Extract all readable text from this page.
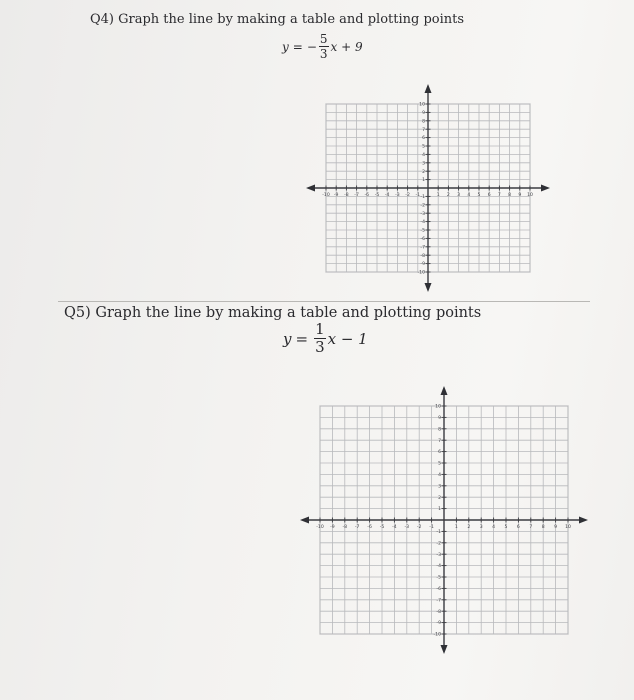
Q4) Graph the line by making a table and plotting points
y = − $\frac{5}{3}$ x + 9
Q5) Graph the line by making a table and plotting points
$y = \frac{1}{3}$ x − 1
-10
-10
-9
-9
-8
-8
-7
-7
-6
-6
-5
-5
-4
-4
-3
-3
-2
-2
-1 -1	1
1
2
2
3
3
4
4
5
5
6
6
7
7
8
8
9
9
10
10
-10
-10
-9
-9
-8
-8
-7
-7
-6
-6
-5
-5
-4
-4
-3
-3
-2
-2
-1
-1
1
1
2
2
3
3
4
4
5
5
6
6
7
7
8
8
9
9
10
10
